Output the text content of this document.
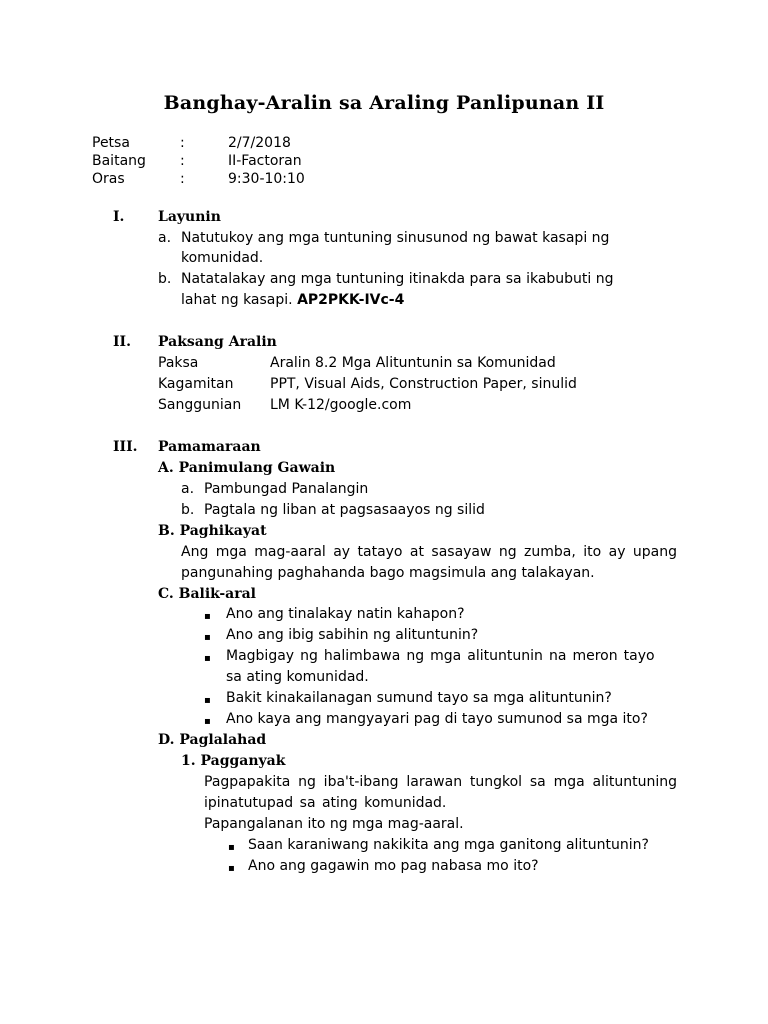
Banghay-Aralin sa Araling Panlipunan II
Petsa	:	2/7/2018
Baitang :	II-Factoran
Oras	:	9:30-10:10
I. Layunin
a. Natutukoy ang mga tuntuning sinusunod ng bawat kasapi ng
komunidad.
b. Natatalakay ang mga tuntuning itinakda para sa ikabubuti ng
lahat ng kasapi. AP2PKK-IVc-4
II. Paksang Aralin
Paksa	Aralin 8.2 Mga Alituntunin sa Komunidad
Kagamitan	PPT, Visual Aids, Construction Paper, sinulid
Sanggunian LM K-12/google.com
III. Pamamaraan
A. Panimulang Gawain
a. Pambungad Panalangin
b. Pagtala ng liban at pagsasaayos ng silid
B. Paghikayat
Ang mga mag-aaral ay tatayo at sasayaw ng zumba, ito ay upang pangunahing paghahanda bago magsimula ang talakayan.
C. Balik-aral
▪ Ano ang tinalakay natin kahapon?
▪ Ano ang ibig sabihin ng alituntunin?
▪ Magbigay ng halimbawa ng mga alituntunin na meron tayo
sa ating komunidad.
▪ Bakit kinakailanagan sumund tayo sa mga alituntunin?
▪ Ano kaya ang mangyayari pag di tayo sumunod sa mga ito?
D. Paglalahad
1. Pagganyak
Pagpapakita ng iba't-ibang larawan tungkol sa mga alituntuning ipinatutupad sa ating komunidad.
Papangalanan ito ng mga mag-aaral.
▪ Saan karaniwang nakikita ang mga ganitong alituntunin?
▪ Ano ang gagawin mo pag nabasa mo ito?
